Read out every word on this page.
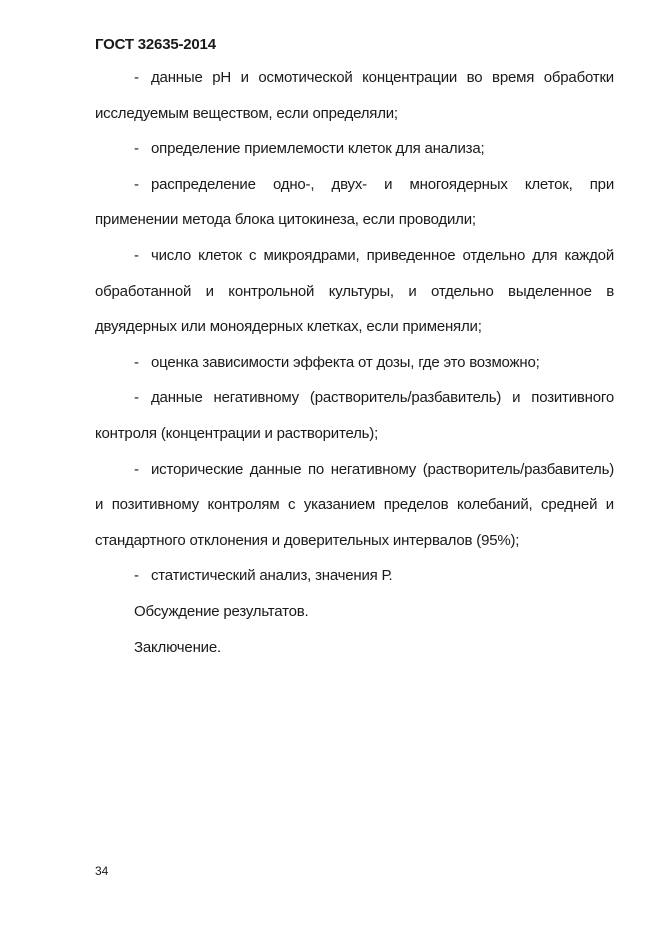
ГОСТ 32635-2014

- данные рН и осмотической концентрации во время обработки исследуемым веществом, если определяли;

- определение приемлемости клеток для анализа;

- распределение одно-, двух- и многоядерных клеток, при применении метода блока цитокинеза, если проводили;

- число клеток с микроядрами, приведенное отдельно для каждой обработанной и контрольной культуры, и отдельно выделенное в двуядерных или моноядерных клетках, если применяли;

- оценка зависимости эффекта от дозы, где это возможно;

- данные негативному (растворитель/разбавитель) и позитивного контроля (концентрации и растворитель);

- исторические данные по негативному (растворитель/разбавитель) и позитивному контролям с указанием пределов колебаний, средней и стандартного отклонения и доверительных интервалов (95%);

- статистический анализ, значения Р.

Обсуждение результатов.

Заключение.

34
